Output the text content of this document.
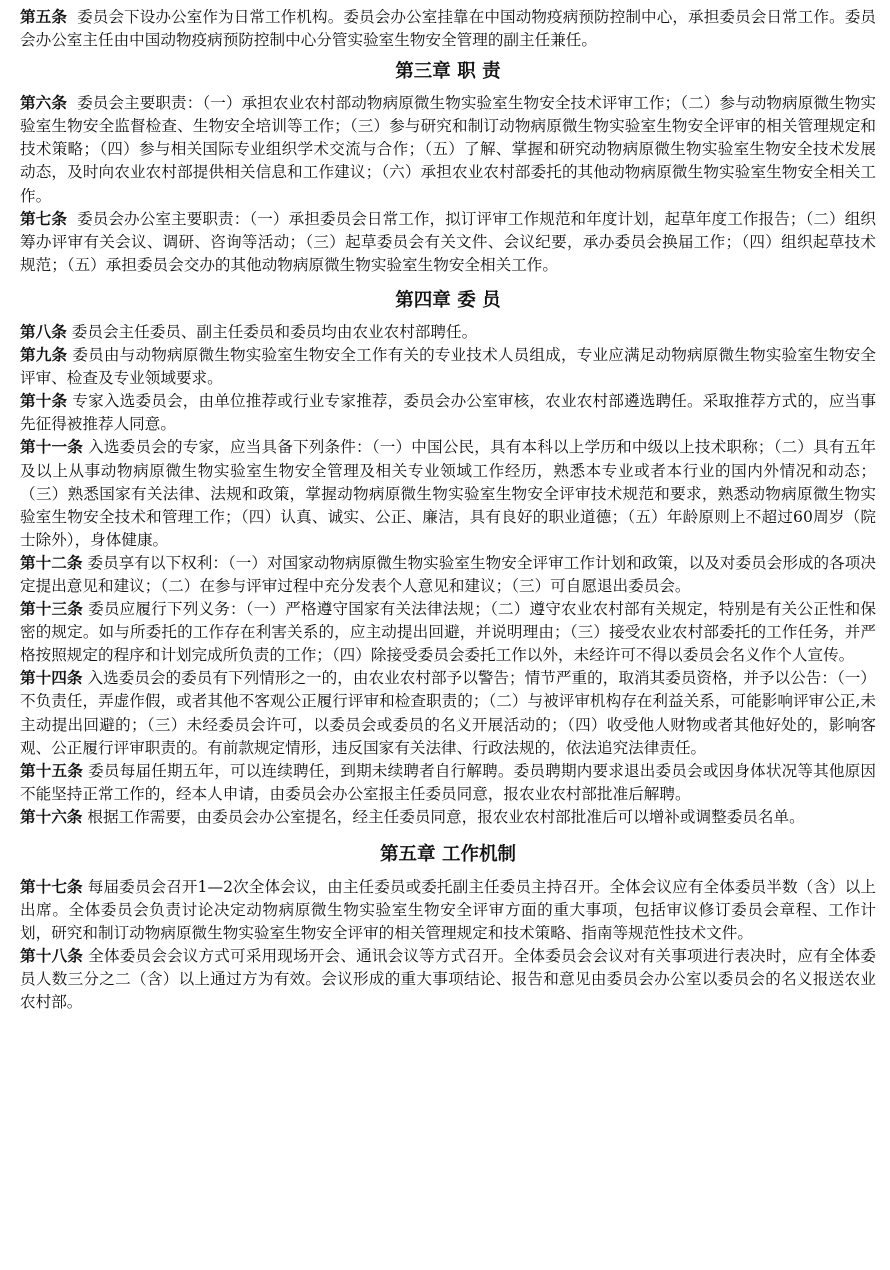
第五条 委员会下设办公室作为日常工作机构。委员会办公室挂靠在中国动物疫病预防控制中心，承担委员会日常工作。委员会办公室主任由中国动物疫病预防控制中心分管实验室生物安全管理的副主任兼任。

第三章 职 责

第六条 委员会主要职责：（一）承担农业农村部动物病原微生物实验室生物安全技术评审工作；（二）参与动物病原微生物实验室生物安全监督检查、生物安全培训等工作；（三）参与研究和制订动物病原微生物实验室生物安全评审的相关管理规定和技术策略；（四）参与相关国际专业组织学术交流与合作；（五）了解、掌握和研究动物病原微生物实验室生物安全技术发展动态，及时向农业农村部提供相关信息和工作建议；（六）承担农业农村部委托的其他动物病原微生物实验室生物安全相关工作。

第七条 委员会办公室主要职责：（一）承担委员会日常工作，拟订评审工作规范和年度计划，起草年度工作报告；（二）组织筹办评审有关会议、调研、咨询等活动；（三）起草委员会有关文件、会议纪要，承办委员会换届工作；（四）组织起草技术规范；（五）承担委员会交办的其他动物病原微生物实验室生物安全相关工作。

第四章 委 员

第八条 委员会主任委员、副主任委员和委员均由农业农村部聘任。

第九条 委员由与动物病原微生物实验室生物安全工作有关的专业技术人员组成，专业应满足动物病原微生物实验室生物安全评审、检查及专业领域要求。

第十条 专家入选委员会，由单位推荐或行业专家推荐，委员会办公室审核，农业农村部遴选聘任。采取推荐方式的，应当事先征得被推荐人同意。

第十一条 入选委员会的专家，应当具备下列条件：（一）中国公民，具有本科以上学历和中级以上技术职称；（二）具有五年及以上从事动物病原微生物实验室生物安全管理及相关专业领域工作经历，熟悉本专业或者本行业的国内外情况和动态；（三）熟悉国家有关法律、法规和政策，掌握动物病原微生物实验室生物安全评审技术规范和要求，熟悉动物病原微生物实验室生物安全技术和管理工作；（四）认真、诚实、公正、廉洁，具有良好的职业道德；（五）年龄原则上不超过60周岁（院士除外），身体健康。

第十二条 委员享有以下权利：（一）对国家动物病原微生物实验室生物安全评审工作计划和政策，以及对委员会形成的各项决定提出意见和建议；（二）在参与评审过程中充分发表个人意见和建议；（三）可自愿退出委员会。

第十三条 委员应履行下列义务：（一）严格遵守国家有关法律法规；（二）遵守农业农村部有关规定，特别是有关公正性和保密的规定。如与所委托的工作存在利害关系的，应主动提出回避，并说明理由；（三）接受农业农村部委托的工作任务，并严格按照规定的程序和计划完成所负责的工作；（四）除接受委员会委托工作以外，未经许可不得以委员会名义作个人宣传。

第十四条 入选委员会的委员有下列情形之一的，由农业农村部予以警告；情节严重的，取消其委员资格，并予以公告：（一）不负责任，弄虚作假，或者其他不客观公正履行评审和检查职责的；（二）与被评审机构存在利益关系，可能影响评审公正,未主动提出回避的；（三）未经委员会许可，以委员会或委员的名义开展活动的；（四）收受他人财物或者其他好处的，影响客观、公正履行评审职责的。有前款规定情形，违反国家有关法律、行政法规的，依法追究法律责任。

第十五条 委员每届任期五年，可以连续聘任，到期未续聘者自行解聘。委员聘期内要求退出委员会或因身体状况等其他原因不能坚持正常工作的，经本人申请，由委员会办公室报主任委员同意，报农业农村部批准后解聘。

第十六条 根据工作需要，由委员会办公室提名，经主任委员同意，报农业农村部批准后可以增补或调整委员名单。

第五章 工作机制

第十七条 每届委员会召开1—2次全体会议，由主任委员或委托副主任委员主持召开。全体会议应有全体委员半数（含）以上出席。全体委员会负责讨论决定动物病原微生物实验室生物安全评审方面的重大事项，包括审议修订委员会章程、工作计划，研究和制订动物病原微生物实验室生物安全评审的相关管理规定和技术策略、指南等规范性技术文件。

第十八条 全体委员会会议方式可采用现场开会、通讯会议等方式召开。全体委员会会议对有关事项进行表决时，应有全体委员人数三分之二（含）以上通过方为有效。会议形成的重大事项结论、报告和意见由委员会办公室以委员会的名义报送农业农村部。
